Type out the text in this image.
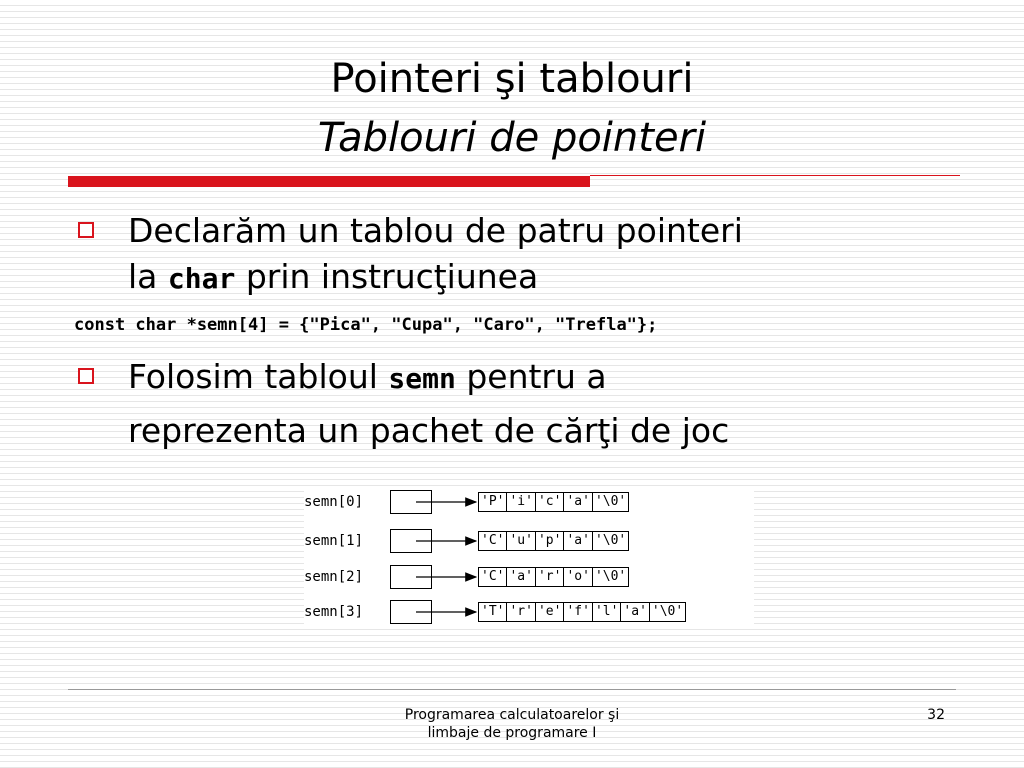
Pointeri şi tablouri
Tablouri de pointeri
Declarăm un tablou de patru pointeri
la char prin instrucţiunea
const char *semn[4] = {"Pica", "Cupa", "Caro", "Trefla"};
Folosim tabloul semn pentru a
reprezenta un pachet de cărţi de joc
semn[0]	'P' 'i' 'c' 'a' '\0'
semn[1]	'C' 'u' 'p' 'a' '\0'
semn[2]	'C' 'a' 'r' 'o' '\0'
semn[3]	'T' 'r' 'e' 'f' 'l' 'a' '\0'
Programarea calculatoarelor şi
limbaje de programare I
32
